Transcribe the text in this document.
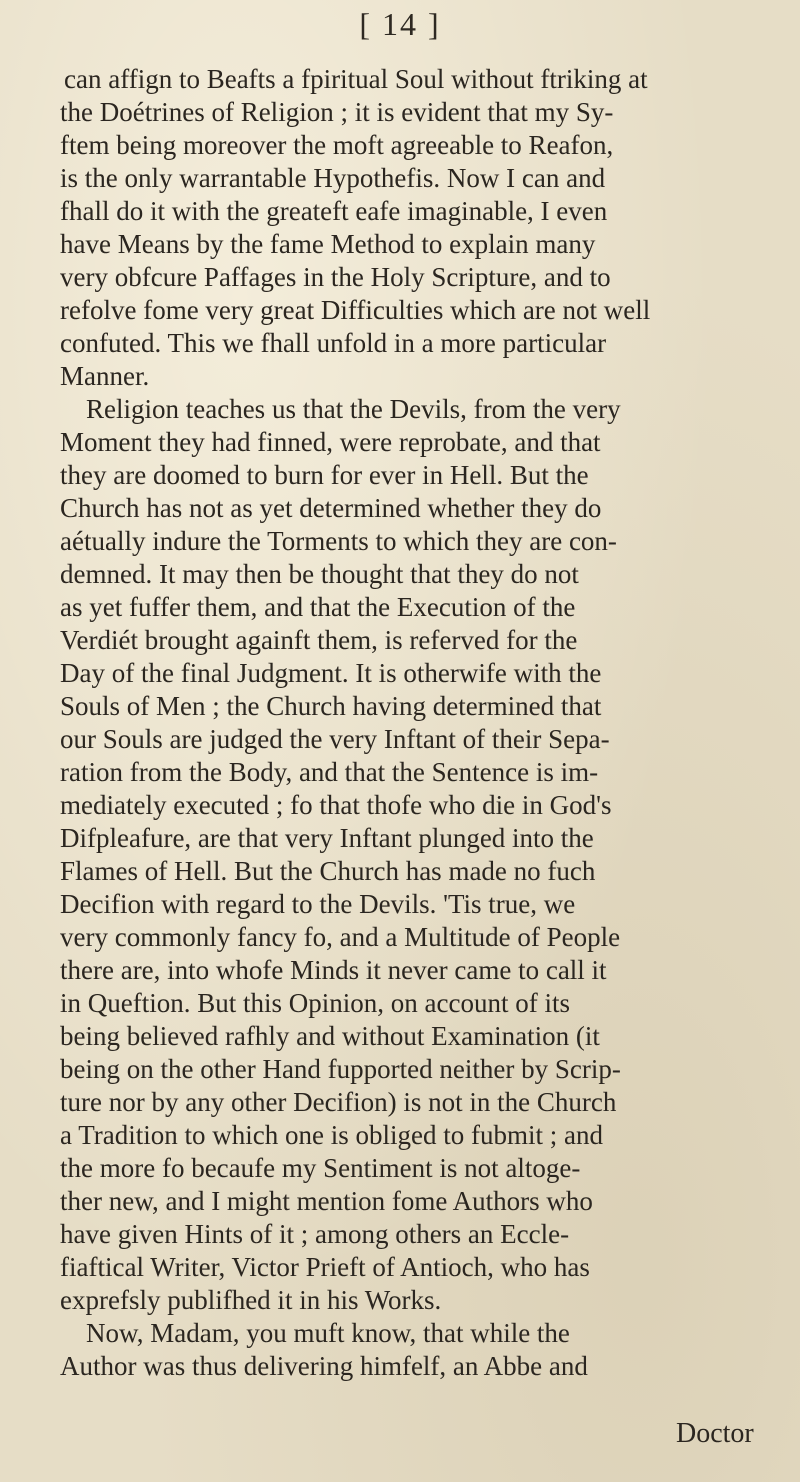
[ 14 ]
can affign to Beafts a fpiritual Soul without ftriking at
the Doétrines of Religion ; it is evident that my Sy-
ftem being moreover the moft agreeable to Reafon,
is the only warrantable Hypothefis. Now I can and
fhall do it with the greateft eafe imaginable, I even
have Means by the fame Method to explain many
very obfcure Paffages in the Holy Scripture, and to
refolve fome very great Difficulties which are not well
confuted. This we fhall unfold in a more particular
Manner.
Religion teaches us that the Devils, from the very
Moment they had finned, were reprobate, and that
they are doomed to burn for ever in Hell. But the
Church has not as yet determined whether they do
aétually indure the Torments to which they are con-
demned. It may then be thought that they do not
as yet fuffer them, and that the Execution of the
Verdiét brought againft them, is referved for the
Day of the final Judgment. It is otherwife with the
Souls of Men ; the Church having determined that
our Souls are judged the very Inftant of their Sepa-
ration from the Body, and that the Sentence is im-
mediately executed ; fo that thofe who die in God's
Difpleafure, are that very Inftant plunged into the
Flames of Hell. But the Church has made no fuch
Decifion with regard to the Devils. 'Tis true, we
very commonly fancy fo, and a Multitude of People
there are, into whofe Minds it never came to call it
in Queftion. But this Opinion, on account of its
being believed rafhly and without Examination (it
being on the other Hand fupported neither by Scrip-
ture nor by any other Decifion) is not in the Church
a Tradition to which one is obliged to fubmit ; and
the more fo becaufe my Sentiment is not altoge-
ther new, and I might mention fome Authors who
have given Hints of it ; among others an Eccle-
fiaftical Writer, Victor Prieft of Antioch, who has
exprefsly publifhed it in his Works.
Now, Madam, you muft know, that while the
Author was thus delivering himfelf, an Abbe and
Doctor
